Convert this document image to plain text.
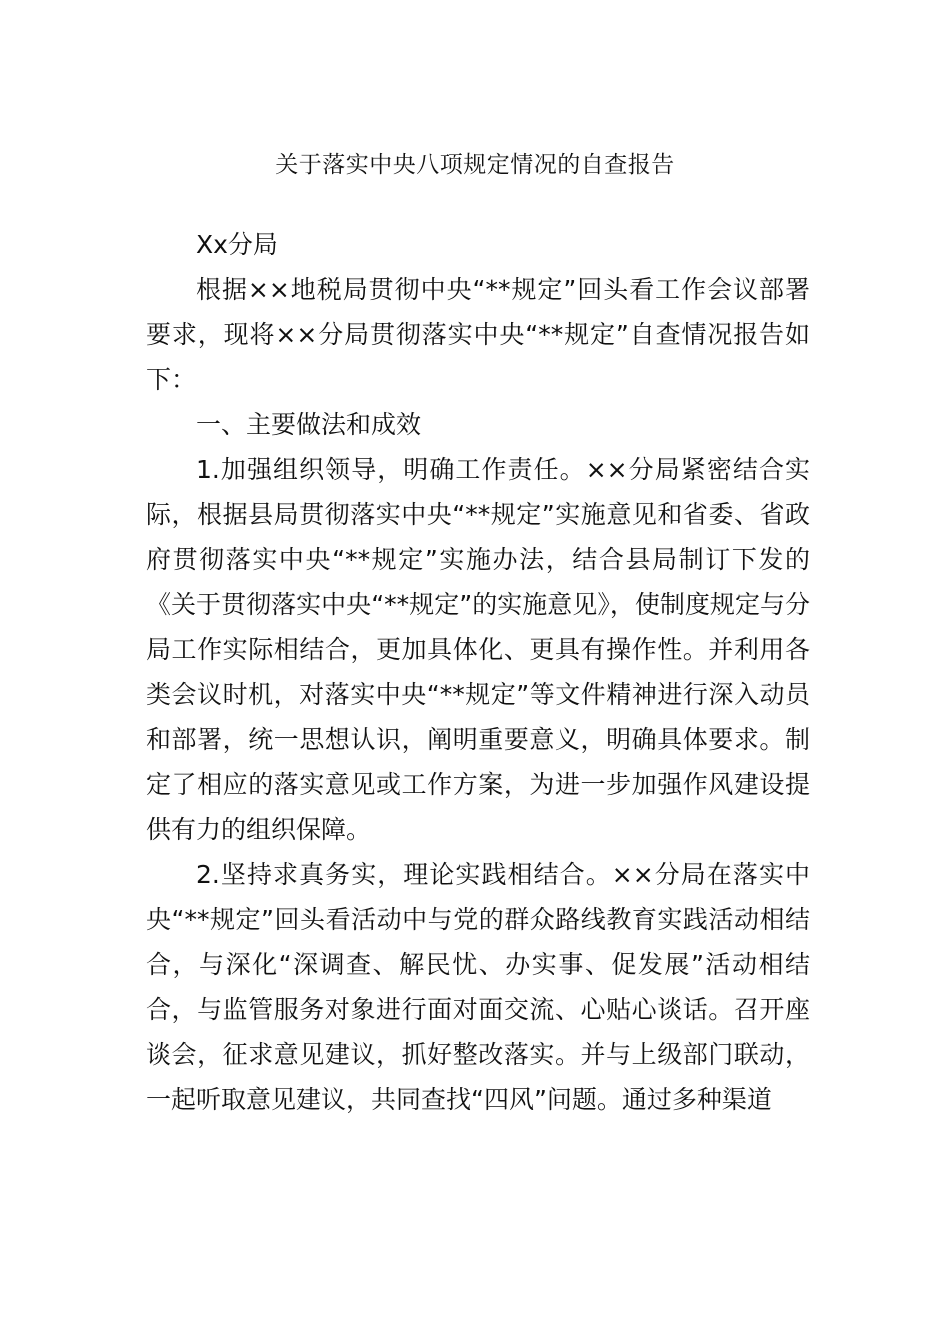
关于落实中央八项规定情况的自查报告

Xx分局

根据××地税局贯彻中央“**规定”回头看工作会议部署要求，现将××分局贯彻落实中央“**规定”自查情况报告如下：

一、主要做法和成效

1.加强组织领导，明确工作责任。××分局紧密结合实际，根据县局贯彻落实中央“**规定”实施意见和省委、省政府贯彻落实中央“**规定”实施办法，结合县局制订下发的《关于贯彻落实中央“**规定”的实施意见》，使制度规定与分局工作实际相结合，更加具体化、更具有操作性。并利用各类会议时机，对落实中央“**规定”等文件精神进行深入动员和部署，统一思想认识，阐明重要意义，明确具体要求。制定了相应的落实意见或工作方案，为进一步加强作风建设提供有力的组织保障。

2.坚持求真务实，理论实践相结合。××分局在落实中央“**规定”回头看活动中与党的群众路线教育实践活动相结合，与深化“深调查、解民忧、办实事、促发展”活动相结合，与监管服务对象进行面对面交流、心贴心谈话。召开座谈会，征求意见建议，抓好整改落实。并与上级部门联动，一起听取意见建议，共同查找“四风”问题。通过多种渠道
